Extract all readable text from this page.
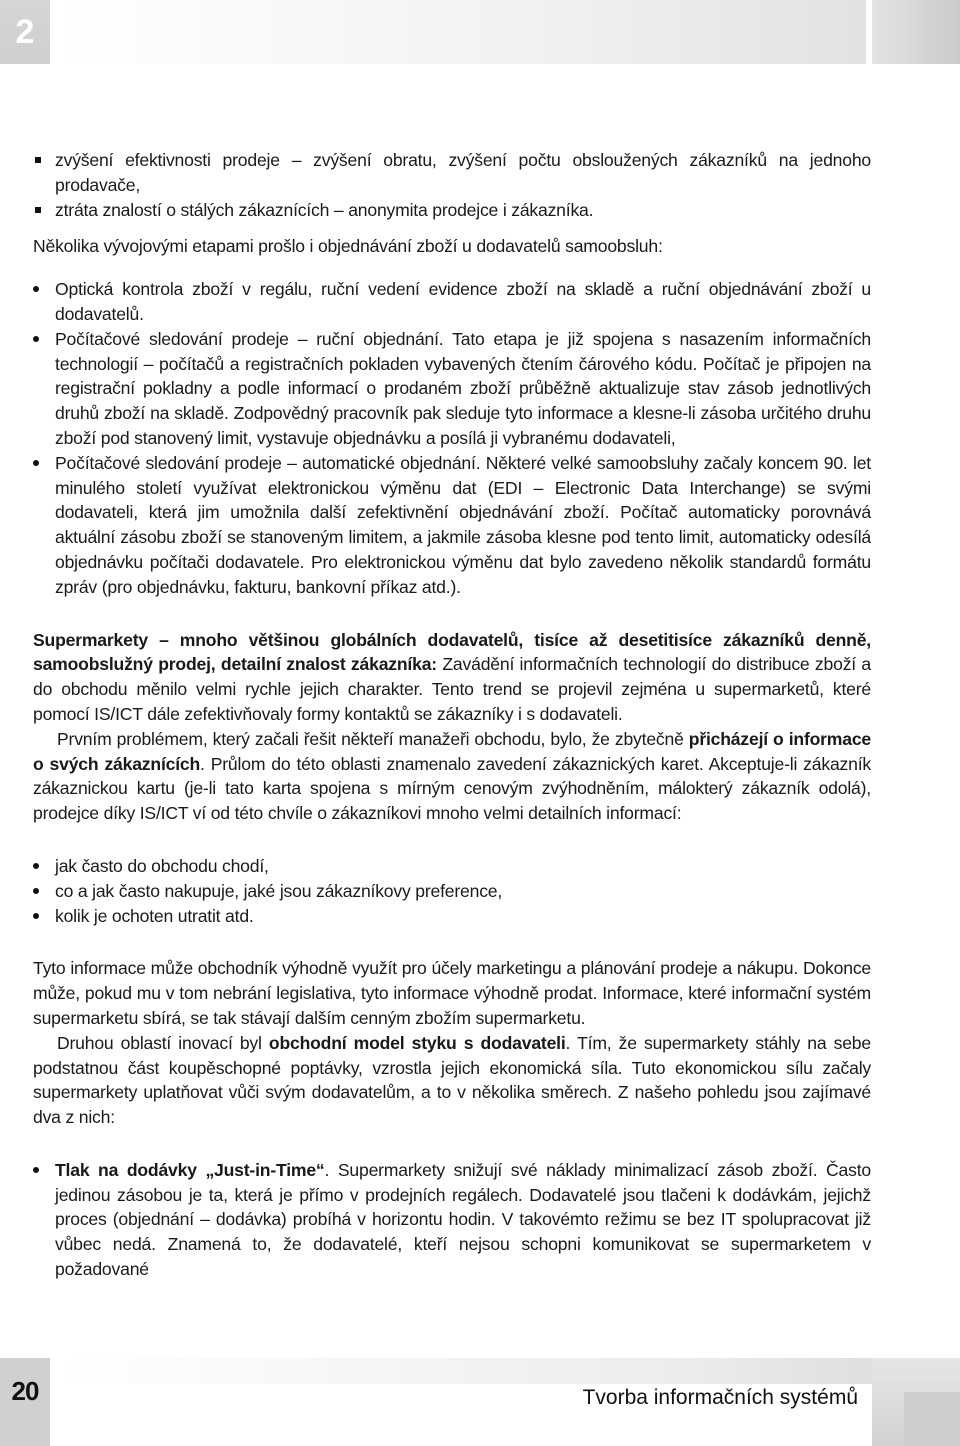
2
zvýšení efektivnosti prodeje – zvýšení obratu, zvýšení počtu obsloužených zákazníků na jednoho prodavače,
ztráta znalostí o stálých zákaznících – anonymita prodejce i zákazníka.

Několika vývojovými etapami prošlo i objednávání zboží u dodavatelů samoobsluh:

Optická kontrola zboží v regálu, ruční vedení evidence zboží na skladě a ruční objednávání zboží u dodavatelů.
Počítačové sledování prodeje – ruční objednání. Tato etapa je již spojena s nasazením informačních technologií – počítačů a registračních pokladen vybavených čtením čárového kódu. Počítač je připojen na registrační pokladny a podle informací o prodaném zboží průběžně aktualizuje stav zásob jednotlivých druhů zboží na skladě. Zodpovědný pracovník pak sleduje tyto informace a klesne-li zásoba určitého druhu zboží pod stanovený limit, vystavuje objednávku a posílá ji vybranému dodavateli,
Počítačové sledování prodeje – automatické objednání. Některé velké samoobsluhy začaly koncem 90. let minulého století využívat elektronickou výměnu dat (EDI – Electronic Data Interchange) se svými dodavateli, která jim umožnila další zefektivnění objednávání zboží. Počítač automaticky porovnává aktuální zásobu zboží se stanoveným limitem, a jakmile zásoba klesne pod tento limit, automaticky odesílá objednávku počítači dodavatele. Pro elektronickou výměnu dat bylo zavedeno několik standardů formátu zpráv (pro objednávku, fakturu, bankovní příkaz atd.).

Supermarkety – mnoho většinou globálních dodavatelů, tisíce až desetitisíce zákazníků denně, samoobslužný prodej, detailní znalost zákazníka: Zavádění informačních technologií do distribuce zboží a do obchodu měnilo velmi rychle jejich charakter. Tento trend se projevil zejména u supermarketů, které pomocí IS/ICT dále zefektivňovaly formy kontaktů se zákazníky i s dodavateli.

Prvním problémem, který začali řešit někteří manažeři obchodu, bylo, že zbytečně přicházejí o informace o svých zákaznících. Průlom do této oblasti znamenalo zavedení zákaznických karet. Akceptuje-li zákazník zákaznickou kartu (je-li tato karta spojena s mírným cenovým zvýhodněním, málokterý zákazník odolá), prodejce díky IS/ICT ví od této chvíle o zákazníkovi mnoho velmi detailních informací:

jak často do obchodu chodí,
co a jak často nakupuje, jaké jsou zákazníkovy preference,
kolik je ochoten utratit atd.

Tyto informace může obchodník výhodně využít pro účely marketingu a plánování prodeje a nákupu. Dokonce může, pokud mu v tom nebrání legislativa, tyto informace výhodně prodat. Informace, které informační systém supermarketu sbírá, se tak stávají dalším cenným zbožím supermarketu.

Druhou oblastí inovací byl obchodní model styku s dodavateli. Tím, že supermarkety stáhly na sebe podstatnou část koupěschopné poptávky, vzrostla jejich ekonomická síla. Tuto ekonomickou sílu začaly supermarkety uplatňovat vůči svým dodavatelům, a to v několika směrech. Z našeho pohledu jsou zajímavé dva z nich:

Tlak na dodávky „Just-in-Time“. Supermarkety snižují své náklady minimalizací zásob zboží. Často jedinou zásobou je ta, která je přímo v prodejních regálech. Dodavatelé jsou tlačeni k dodávkám, jejichž proces (objednání – dodávka) probíhá v horizontu hodin. V takovémto režimu se bez IT spolupracovat již vůbec nedá. Znamená to, že dodavatelé, kteří nejsou schopni komunikovat se supermarketem v požadované
20	Tvorba informačních systémů
